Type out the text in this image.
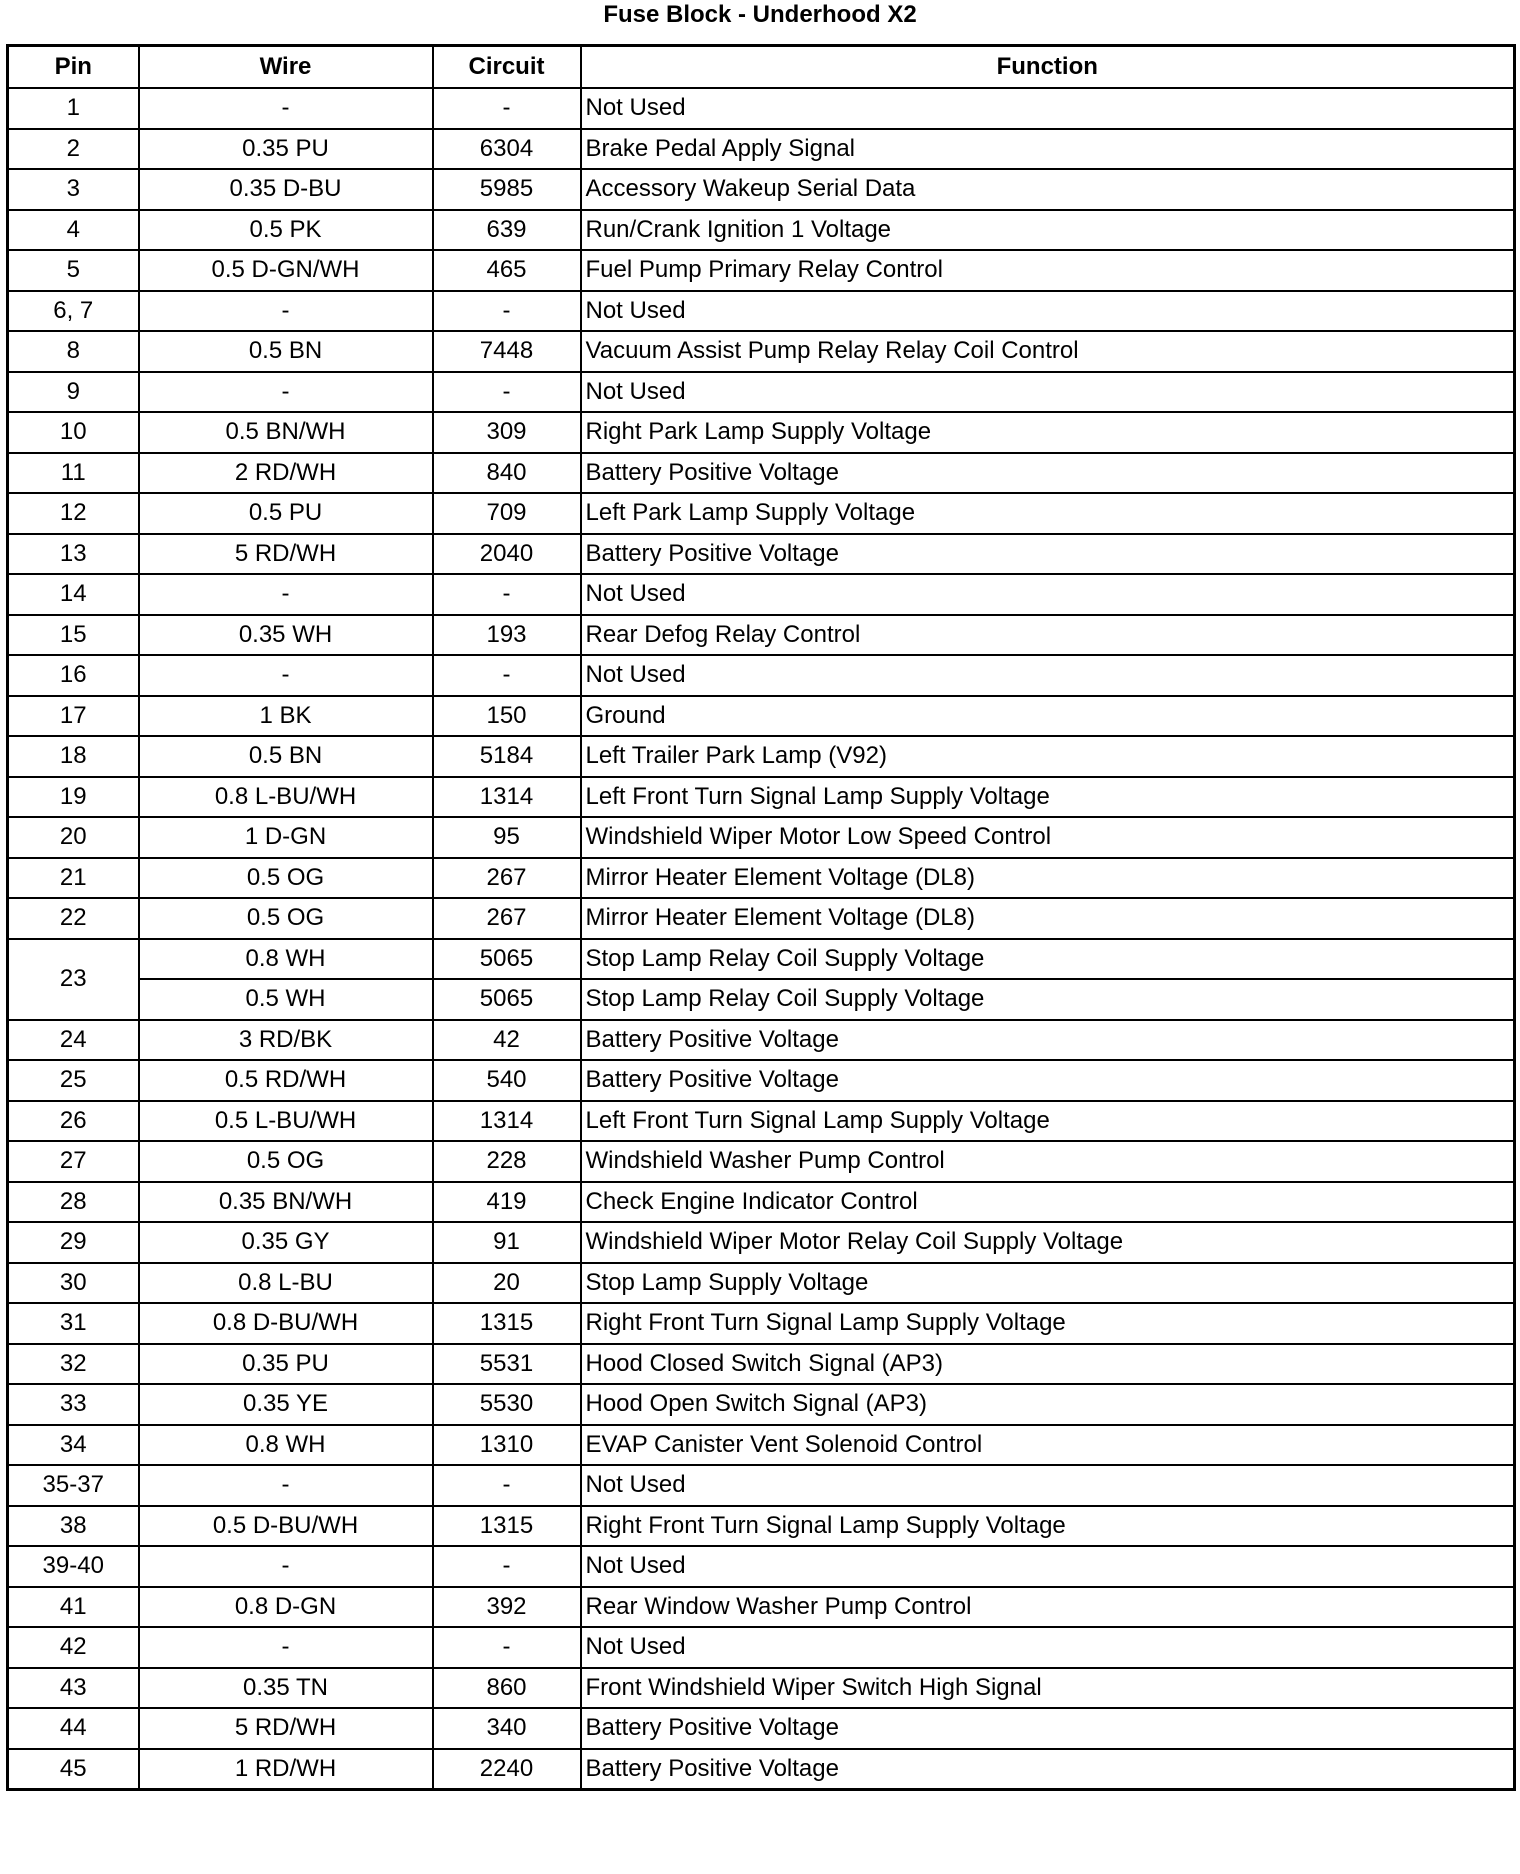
Fuse Block - Underhood X2
Pin	Wire	Circuit	Function
1	-	-	Not Used
2	0.35 PU	6304	Brake Pedal Apply Signal
3	0.35 D-BU	5985	Accessory Wakeup Serial Data
4	0.5 PK	639	Run/Crank Ignition 1 Voltage
5	0.5 D-GN/WH	465	Fuel Pump Primary Relay Control
6, 7	-	-	Not Used
8	0.5 BN	7448	Vacuum Assist Pump Relay Relay Coil Control
9	-	-	Not Used
10	0.5 BN/WH	309	Right Park Lamp Supply Voltage
11	2 RD/WH	840	Battery Positive Voltage
12	0.5 PU	709	Left Park Lamp Supply Voltage
13	5 RD/WH	2040	Battery Positive Voltage
14	-	-	Not Used
15	0.35 WH	193	Rear Defog Relay Control
16	-	-	Not Used
17	1 BK	150	Ground
18	0.5 BN	5184	Left Trailer Park Lamp (V92)
19	0.8 L-BU/WH	1314	Left Front Turn Signal Lamp Supply Voltage
20	1 D-GN	95	Windshield Wiper Motor Low Speed Control
21	0.5 OG	267	Mirror Heater Element Voltage (DL8)
22	0.5 OG	267	Mirror Heater Element Voltage (DL8)
23	0.8 WH	5065	Stop Lamp Relay Coil Supply Voltage
	0.5 WH	5065	Stop Lamp Relay Coil Supply Voltage
24	3 RD/BK	42	Battery Positive Voltage
25	0.5 RD/WH	540	Battery Positive Voltage
26	0.5 L-BU/WH	1314	Left Front Turn Signal Lamp Supply Voltage
27	0.5 OG	228	Windshield Washer Pump Control
28	0.35 BN/WH	419	Check Engine Indicator Control
29	0.35 GY	91	Windshield Wiper Motor Relay Coil Supply Voltage
30	0.8 L-BU	20	Stop Lamp Supply Voltage
31	0.8 D-BU/WH	1315	Right Front Turn Signal Lamp Supply Voltage
32	0.35 PU	5531	Hood Closed Switch Signal (AP3)
33	0.35 YE	5530	Hood Open Switch Signal (AP3)
34	0.8 WH	1310	EVAP Canister Vent Solenoid Control
35-37	-	-	Not Used
38	0.5 D-BU/WH	1315	Right Front Turn Signal Lamp Supply Voltage
39-40	-	-	Not Used
41	0.8 D-GN	392	Rear Window Washer Pump Control
42	-	-	Not Used
43	0.35 TN	860	Front Windshield Wiper Switch High Signal
44	5 RD/WH	340	Battery Positive Voltage
45	1 RD/WH	2240	Battery Positive Voltage
